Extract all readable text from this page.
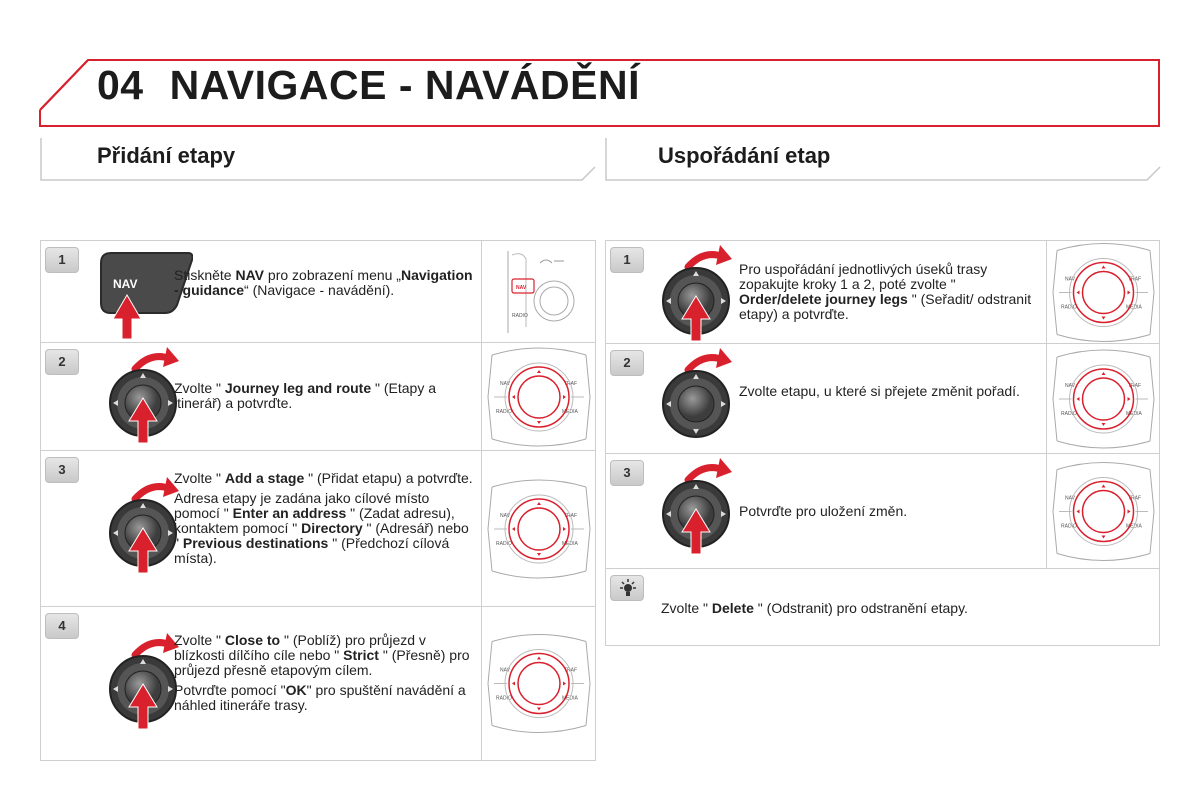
04 NAVIGACE - NAVÁDĚNÍ
Přidání etapy	Uspořádání etap
1
NAV

Stiskněte NAV pro zobrazení menu „Navigation - guidance“ (Navigace - navádění).	NAV
RADIO
2

Zvolte " Journey leg and route " (Etapy a itinerář) a potvrďte.

NAV	TRAF
RADIO	MEDIA
3

Zvolte " Add a stage " (Přidat etapu) a potvrďte.

Adresa etapy je zadána jako cílové místo pomocí " Enter an address " (Zadat adresu), kontaktem pomocí " Directory " (Adresář) nebo " Previous destinations " (Předchozí cílová místa).

NAV	TRAF
RADIO	MEDIA
4

Zvolte " Close to " (Poblíž) pro průjezd v blízkosti dílčího cíle nebo " Strict " (Přesně) pro průjezd přesně etapovým cílem.

Potvrďte pomocí "OK" pro spuštění navádění a náhled itineráře trasy.

NAV	TRAF
RADIO	MEDIA
1

Pro uspořádání jednotlivých úseků trasy zopakujte kroky 1 a 2, poté zvolte " Order/delete journey legs " (Seřadit/ odstranit etapy) a potvrďte.

NAV	TRAF
RADIO	MEDIA
2

Zvolte etapu, u které si přejete změnit pořadí.	NAV	TRAF
RADIO	MEDIA
3

Potvrďte pro uložení změn.

NAV	TRAF
RADIO	MEDIA

Zvolte " Delete " (Odstranit) pro odstranění etapy.
